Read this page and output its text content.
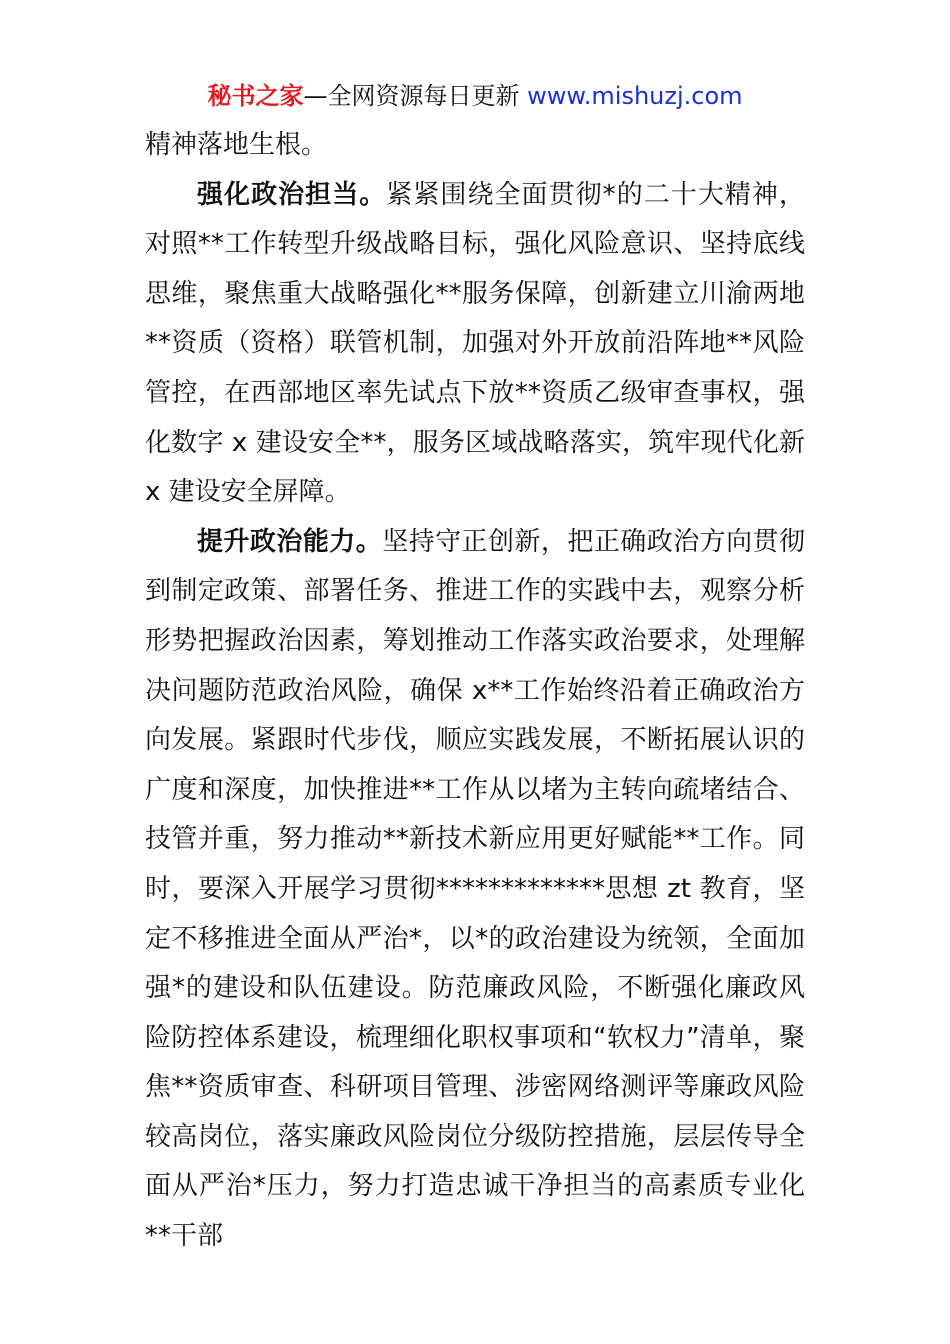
秘书之家—全网资源每日更新 www.mishuzj.com

精神落地生根。

强化政治担当。紧紧围绕全面贯彻*的二十大精神，对照**工作转型升级战略目标，强化风险意识、坚持底线思维，聚焦重大战略强化**服务保障，创新建立川渝两地**资质（资格）联管机制，加强对外开放前沿阵地**风险管控，在西部地区率先试点下放**资质乙级审查事权，强化数字 x 建设安全**，服务区域战略落实，筑牢现代化新 x 建设安全屏障。

提升政治能力。坚持守正创新，把正确政治方向贯彻到制定政策、部署任务、推进工作的实践中去，观察分析形势把握政治因素，筹划推动工作落实政治要求，处理解决问题防范政治风险，确保 x**工作始终沿着正确政治方向发展。紧跟时代步伐，顺应实践发展，不断拓展认识的广度和深度，加快推进**工作从以堵为主转向疏堵结合、技管并重，努力推动**新技术新应用更好赋能**工作。同时，要深入开展学习贯彻*************思想 zt 教育，坚定不移推进全面从严治*，以*的政治建设为统领，全面加强*的建设和队伍建设。防范廉政风险，不断强化廉政风险防控体系建设，梳理细化职权事项和“软权力”清单，聚焦**资质审查、科研项目管理、涉密网络测评等廉政风险较高岗位，落实廉政风险岗位分级防控措施，层层传导全面从严治*压力，努力打造忠诚干净担当的高素质专业化**干部
